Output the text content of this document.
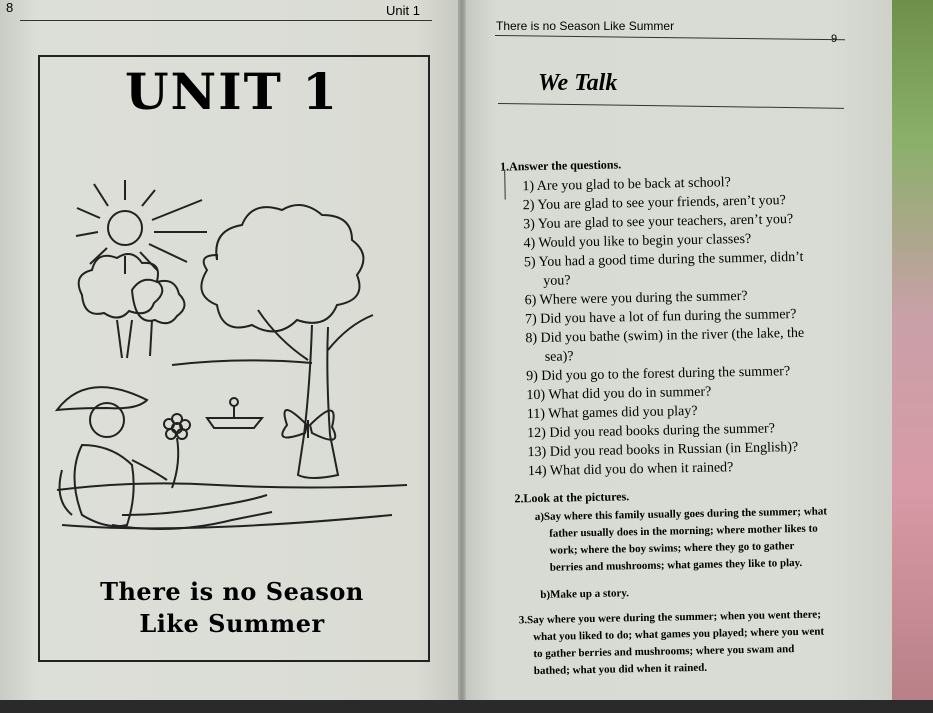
8	Unit 1
UNIT 1
There is no Season
Like Summer
There is no Season Like Summer
9
We Talk
1.Answer the questions.
1) Are you glad to be back at school?
2) You are glad to see your friends, aren’t you?
3) You are glad to see your teachers, aren’t you?
4) Would you like to begin your classes?
5) You had a good time during the summer, didn’t
you?
6) Where were you during the summer?
7) Did you have a lot of fun during the summer?
8) Did you bathe (swim) in the river (the lake, the
sea)?
9) Did you go to the forest during the summer?
10) What did you do in summer?
11) What games did you play?
12) Did you read books during the summer?
13) Did you read books in Russian (in English)?
14) What did you do when it rained?
2.Look at the pictures.
a)Say where this family usually goes during the summer; what
father usually does in the morning; where mother likes to
work; where the boy swims; where they go to gather
berries and mushrooms; what games they like to play.
b)Make up a story.
3.Say where you were during the summer; when you went there;
what you liked to do; what games you played; where you went
to gather berries and mushrooms; where you swam and
bathed; what you did when it rained.
